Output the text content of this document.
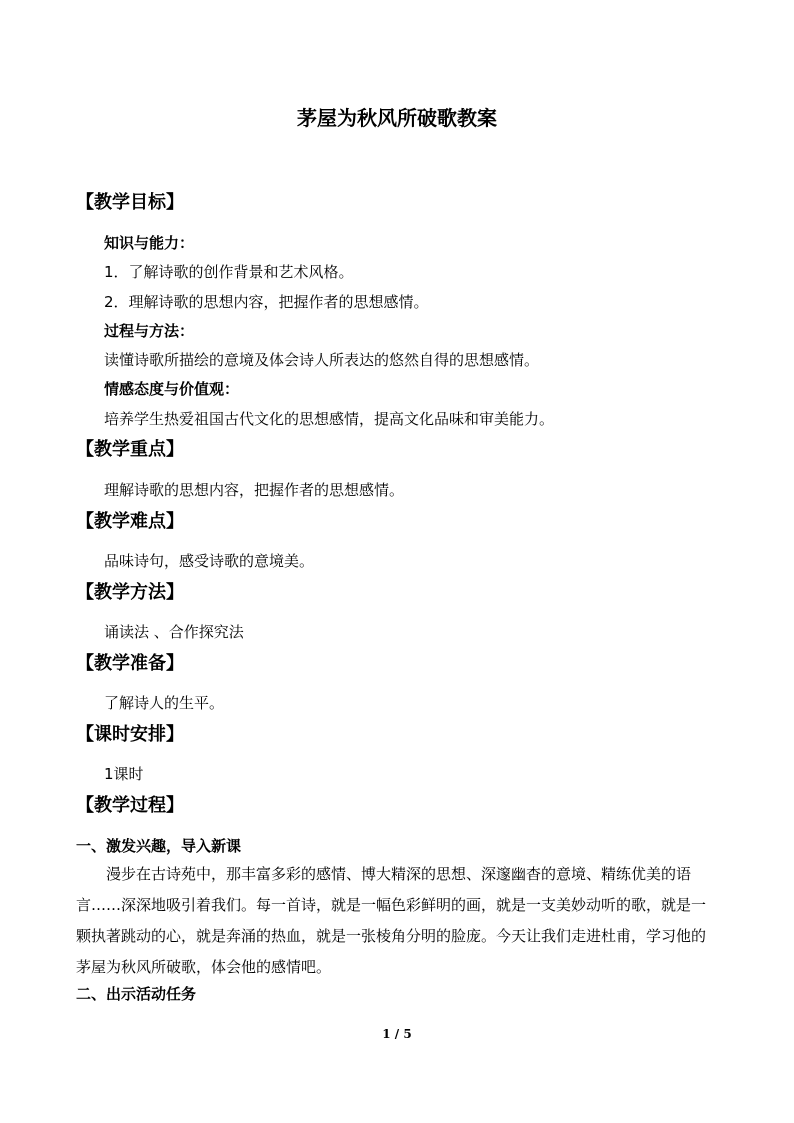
茅屋为秋风所破歌教案
【教学目标】
知识与能力：
1．了解诗歌的创作背景和艺术风格。
2．理解诗歌的思想内容，把握作者的思想感情。
过程与方法：
读懂诗歌所描绘的意境及体会诗人所表达的悠然自得的思想感情。
情感态度与价值观：
培养学生热爱祖国古代文化的思想感情，提高文化品味和审美能力。
【教学重点】
理解诗歌的思想内容，把握作者的思想感情。
【教学难点】
品味诗句，感受诗歌的意境美。
【教学方法】
诵读法 、合作探究法
【教学准备】
了解诗人的生平。
【课时安排】
1课时
【教学过程】
一、激发兴趣，导入新课
漫步在古诗苑中，那丰富多彩的感情、博大精深的思想、深邃幽杳的意境、精练优美的语言……深深地吸引着我们。每一首诗，就是一幅色彩鲜明的画，就是一支美妙动听的歌，就是一颗执著跳动的心，就是奔涌的热血，就是一张棱角分明的脸庞。今天让我们走进杜甫，学习他的茅屋为秋风所破歌，体会他的感情吧。
二、出示活动任务
1 / 5
